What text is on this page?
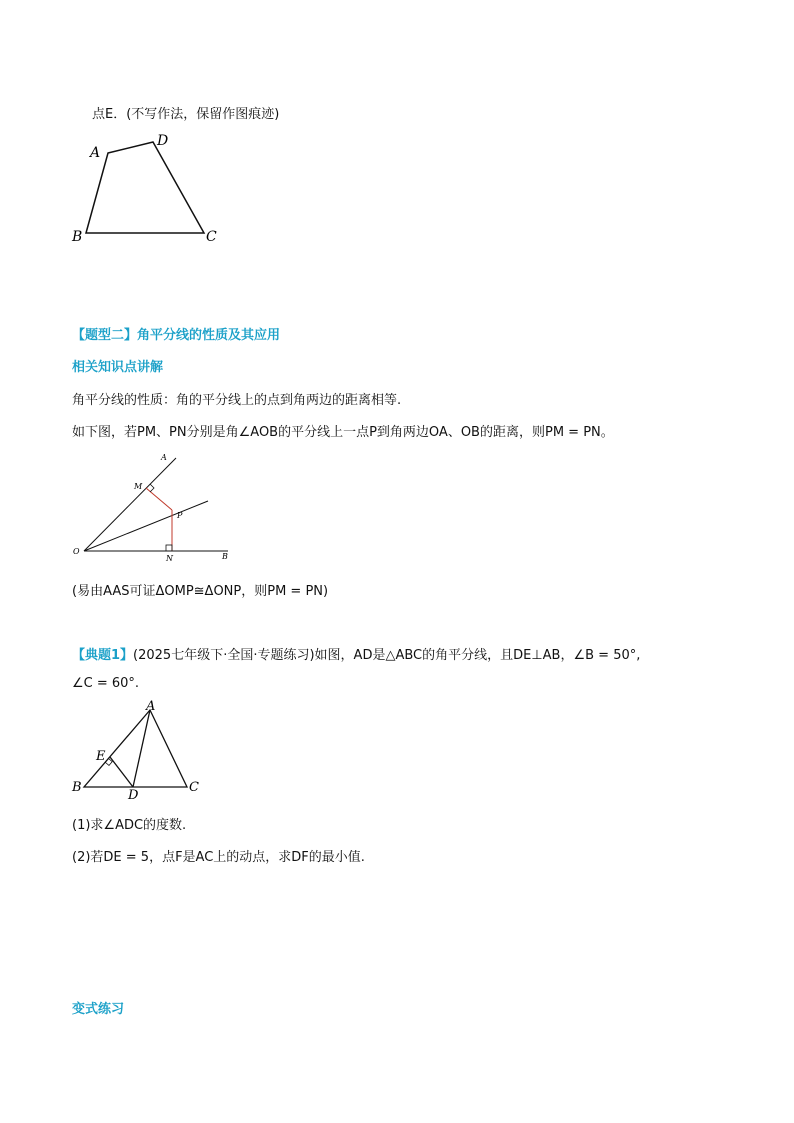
点E．(不写作法，保留作图痕迹)
A
D
B	C
【题型二】角平分线的性质及其应用
相关知识点讲解
角平分线的性质：角的平分线上的点到角两边的距离相等.
如下图，若PM、PN分别是角∠AOB的平分线上一点P到角两边OA、OB的距离，则PM = PN。
A
O
B
M
P
N
(易由AAS可证ΔOMP≅ΔONP，则PM = PN)
【典题1】(2025七年级下·全国·专题练习)如图，AD是△ABC的角平分线，且DE⊥AB，∠B = 50°,
∠C = 60°.
A
E
B	C
D
(1)求∠ADC的度数.
(2)若DE = 5，点F是AC上的动点，求DF的最小值.
变式练习
